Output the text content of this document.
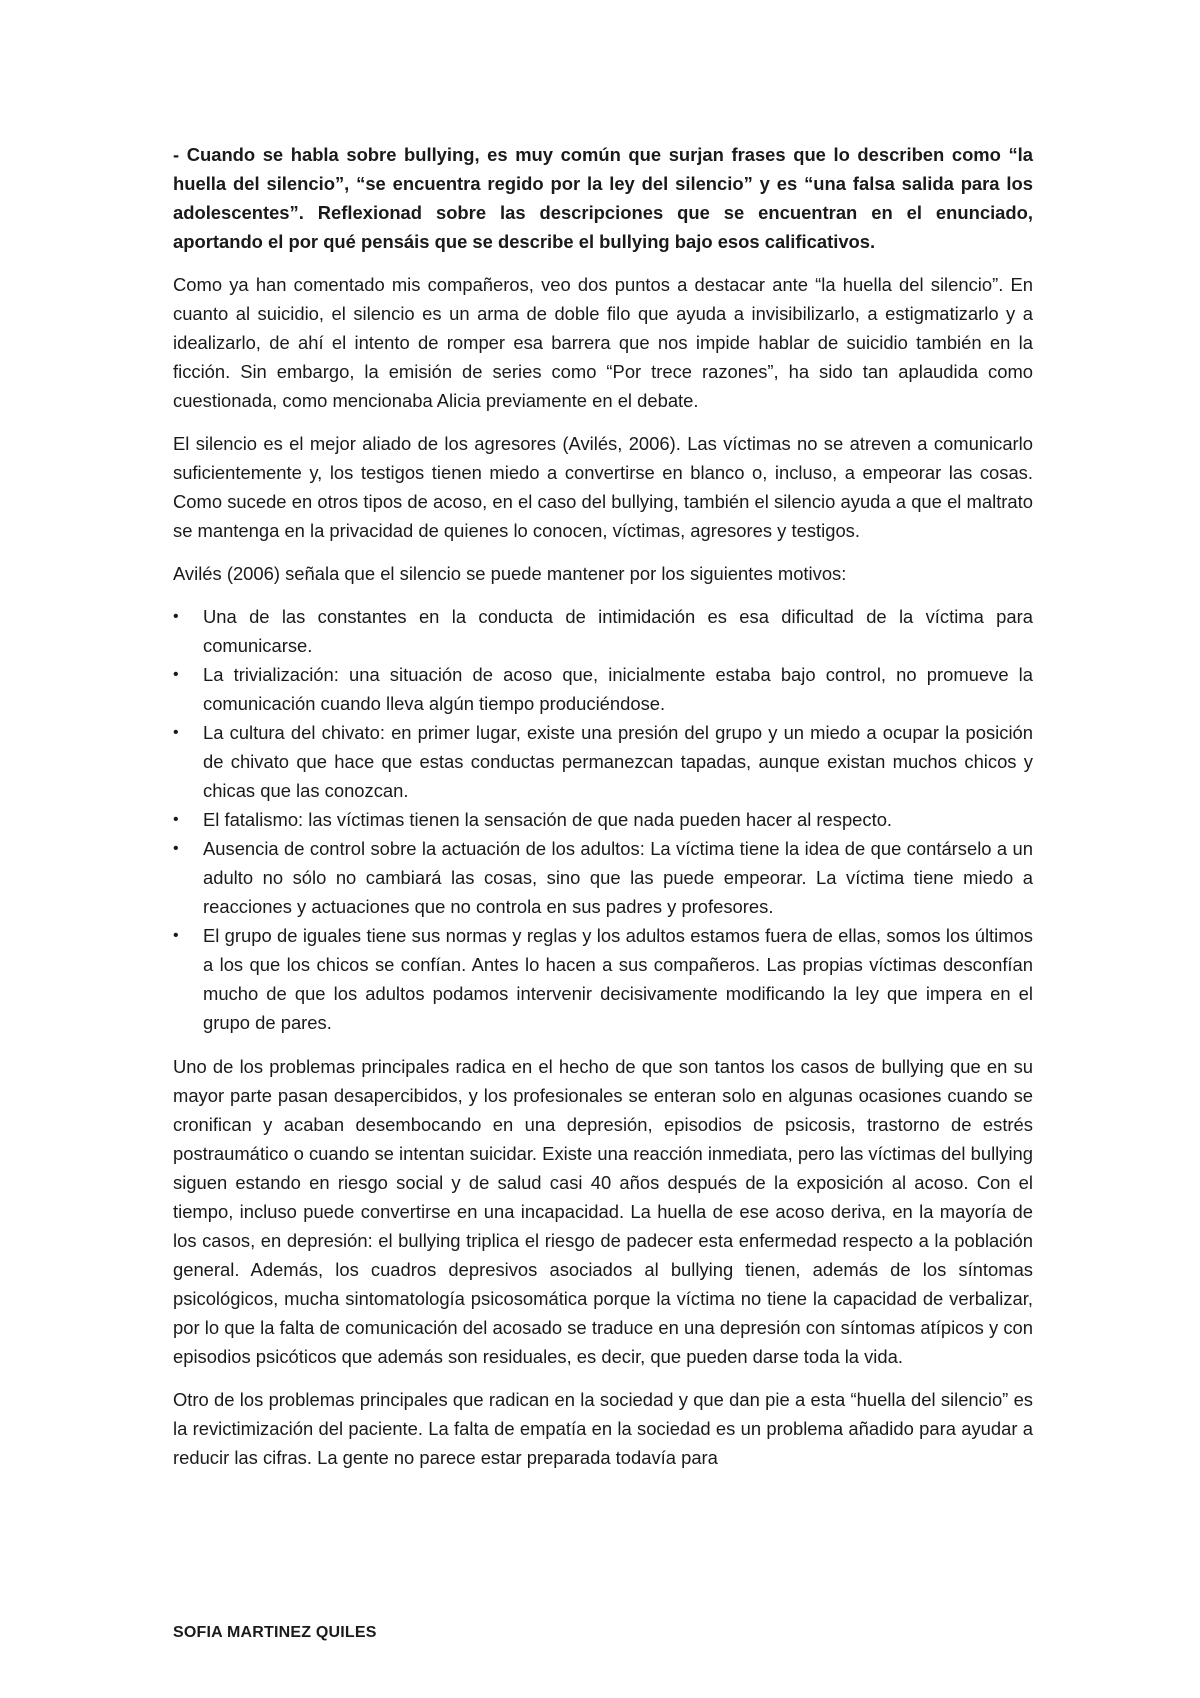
- Cuando se habla sobre bullying, es muy común que surjan frases que lo describen como “la huella del silencio”, “se encuentra regido por la ley del silencio” y es “una falsa salida para los adolescentes”. Reflexionad sobre las descripciones que se encuentran en el enunciado, aportando el por qué pensáis que se describe el bullying bajo esos calificativos.

Como ya han comentado mis compañeros, veo dos puntos a destacar ante “la huella del silencio”. En cuanto al suicidio, el silencio es un arma de doble filo que ayuda a invisibilizarlo, a estigmatizarlo y a idealizarlo, de ahí el intento de romper esa barrera que nos impide hablar de suicidio también en la ficción. Sin embargo, la emisión de series como “Por trece razones”, ha sido tan aplaudida como cuestionada, como mencionaba Alicia previamente en el debate.

El silencio es el mejor aliado de los agresores (Avilés, 2006). Las víctimas no se atreven a comunicarlo suficientemente y, los testigos tienen miedo a convertirse en blanco o, incluso, a empeorar las cosas. Como sucede en otros tipos de acoso, en el caso del bullying, también el silencio ayuda a que el maltrato se mantenga en la privacidad de quienes lo conocen, víctimas, agresores y testigos.

Avilés (2006) señala que el silencio se puede mantener por los siguientes motivos:

•	Una de las constantes en la conducta de intimidación es esa dificultad de la víctima para comunicarse.
•	La trivialización: una situación de acoso que, inicialmente estaba bajo control, no promueve la comunicación cuando lleva algún tiempo produciéndose.
•	La cultura del chivato: en primer lugar, existe una presión del grupo y un miedo a ocupar la posición de chivato que hace que estas conductas permanezcan tapadas, aunque existan muchos chicos y chicas que las conozcan.
•	El fatalismo: las víctimas tienen la sensación de que nada pueden hacer al respecto.
•	Ausencia de control sobre la actuación de los adultos: La víctima tiene la idea de que contárselo a un adulto no sólo no cambiará las cosas, sino que las puede empeorar. La víctima tiene miedo a reacciones y actuaciones que no controla en sus padres y profesores.
•	El grupo de iguales tiene sus normas y reglas y los adultos estamos fuera de ellas, somos los últimos a los que los chicos se confían. Antes lo hacen a sus compañeros. Las propias víctimas desconfían mucho de que los adultos podamos intervenir decisivamente modificando la ley que impera en el grupo de pares.

Uno de los problemas principales radica en el hecho de que son tantos los casos de bullying que en su mayor parte pasan desapercibidos, y los profesionales se enteran solo en algunas ocasiones cuando se cronifican y acaban desembocando en una depresión, episodios de psicosis, trastorno de estrés postraumático o cuando se intentan suicidar. Existe una reacción inmediata, pero las víctimas del bullying siguen estando en riesgo social y de salud casi 40 años después de la exposición al acoso. Con el tiempo, incluso puede convertirse en una incapacidad. La huella de ese acoso deriva, en la mayoría de los casos, en depresión: el bullying triplica el riesgo de padecer esta enfermedad respecto a la población general. Además, los cuadros depresivos asociados al bullying tienen, además de los síntomas psicológicos, mucha sintomatología psicosomática porque la víctima no tiene la capacidad de verbalizar, por lo que la falta de comunicación del acosado se traduce en una depresión con síntomas atípicos y con episodios psicóticos que además son residuales, es decir, que pueden darse toda la vida.

Otro de los problemas principales que radican en la sociedad y que dan pie a esta “huella del silencio” es la revictimización del paciente. La falta de empatía en la sociedad es un problema añadido para ayudar a reducir las cifras. La gente no parece estar preparada todavía para

SOFIA MARTINEZ QUILES
